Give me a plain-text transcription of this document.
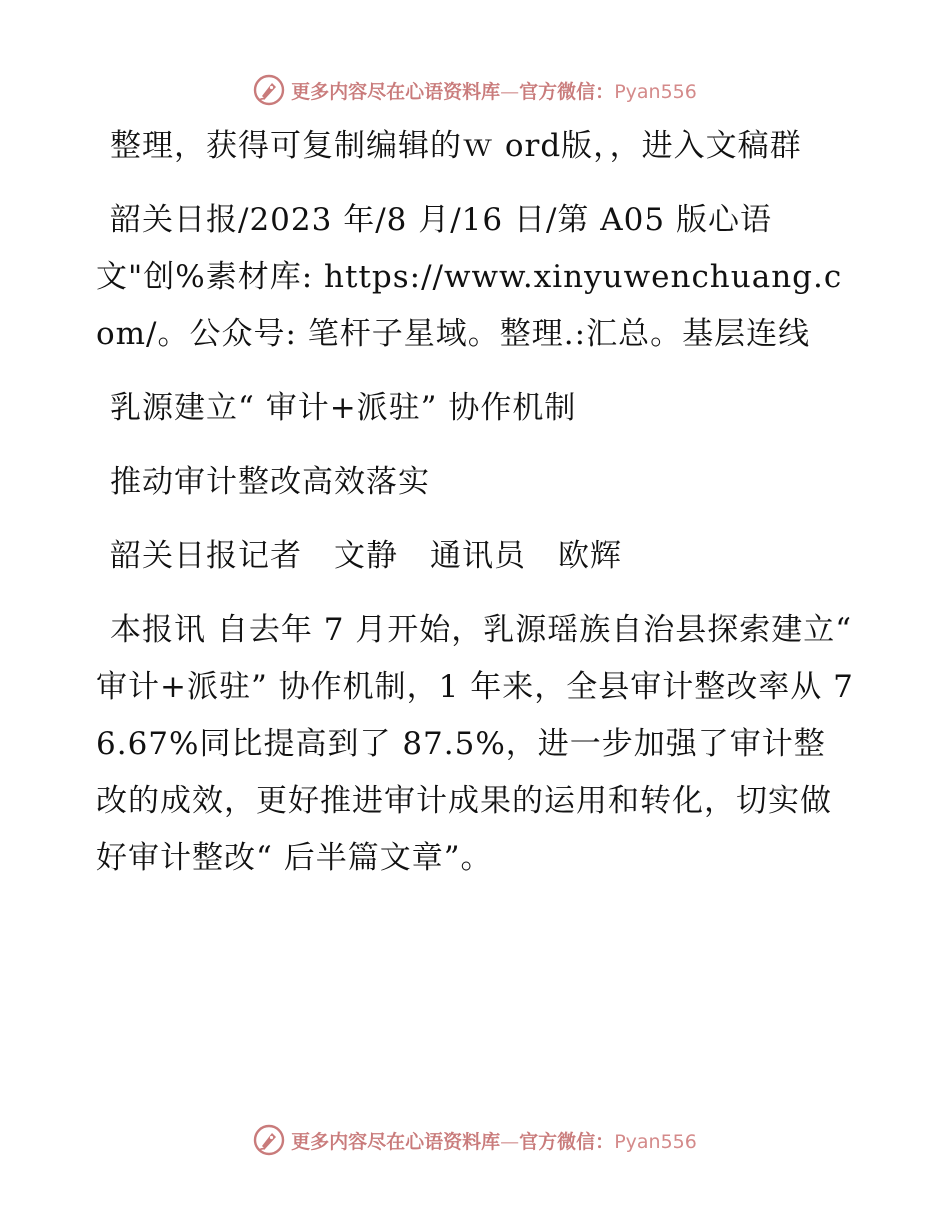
更多内容尽在心语资料库—官方微信：Pyan556

整理，获得可复制编辑的ｗ ord版，，进入文稿群

韶关日报/2023 年/8 月/16 日/第 A05 版心语文"创%素材库: https://www.xinyuwenchuang.com/。公众号: 笔杆子星域。整理.:汇总。基层连线

乳源建立“ 审计+派驻” 协作机制

推动审计整改高效落实

韶关日报记者　文静　通讯员　欧辉

本报讯 自去年 7 月开始，乳源瑶族自治县探索建立“ 审计+派驻” 协作机制，1 年来，全县审计整改率从 76.67%同比提高到了 87.5%，进一步加强了审计整改的成效，更好推进审计成果的运用和转化，切实做好审计整改“ 后半篇文章”。

更多内容尽在心语资料库—官方微信：Pyan556
